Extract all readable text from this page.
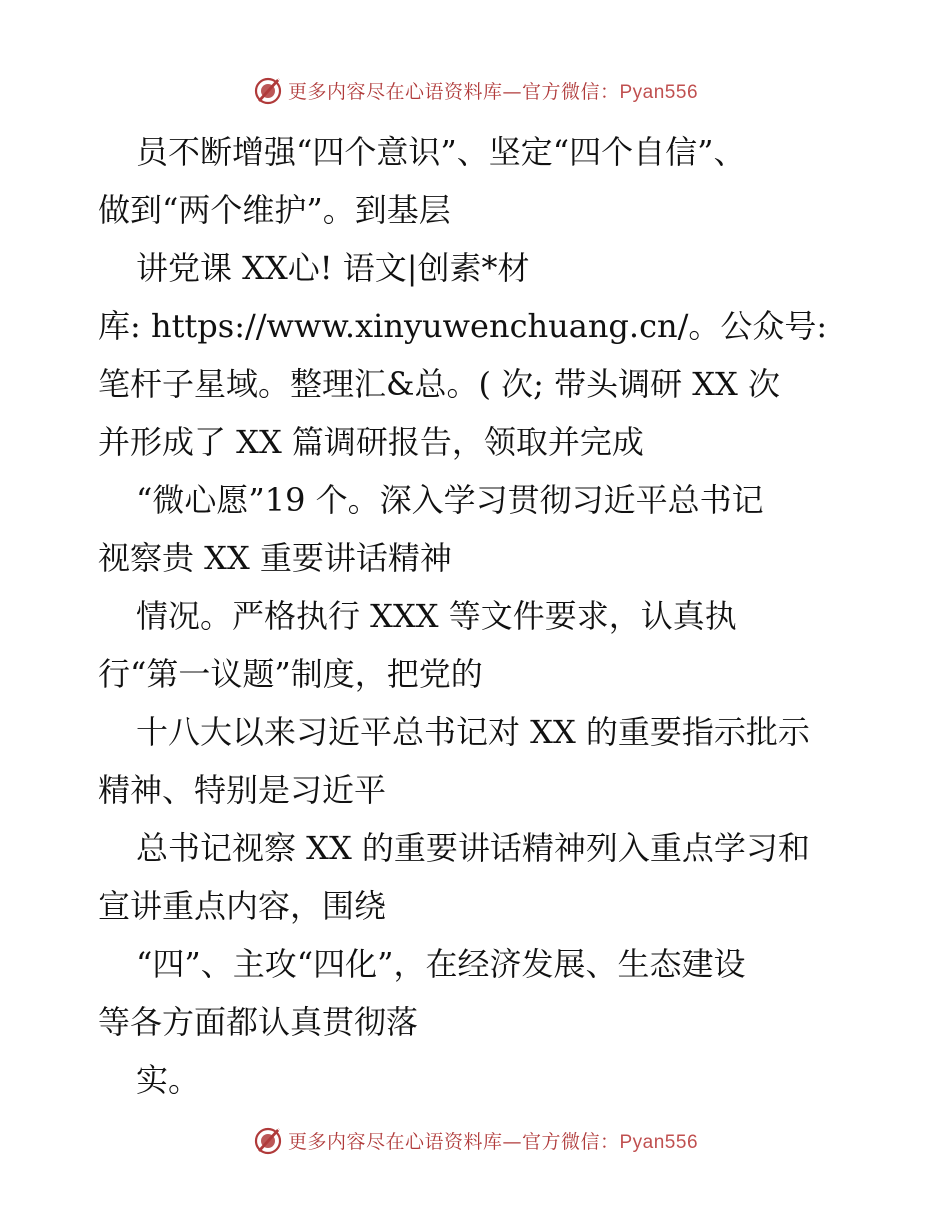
更多内容尽在心语资料库—官方微信：Pyan556
员不断增强“四个意识”、坚定“四个自信”、
做到“两个维护”。到基层
讲党课 XX心! 语文|创素*材
库: https://www.xinyuwenchuang.cn/。公众号:
笔杆子星域。整理汇&总。( 次; 带头调研 XX 次
并形成了 XX 篇调研报告，领取并完成
“微心愿”19 个。深入学习贯彻习近平总书记
视察贵 XX 重要讲话精神
情况。严格执行 XXX 等文件要求，认真执
行“第一议题”制度，把党的
十八大以来习近平总书记对 XX 的重要指示批示
精神、特别是习近平
总书记视察 XX 的重要讲话精神列入重点学习和
宣讲重点内容，围绕
“四”、主攻“四化”，在经济发展、生态建设
等各方面都认真贯彻落
实。
更多内容尽在心语资料库—官方微信：Pyan556
